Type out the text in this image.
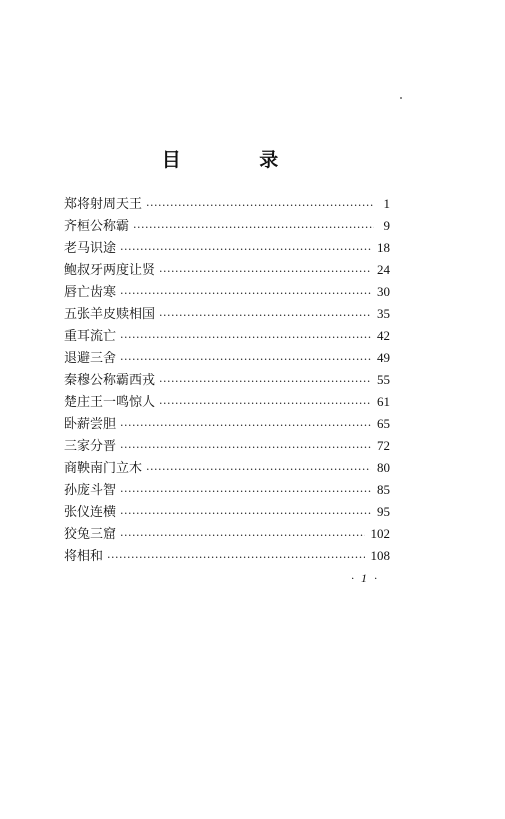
目 录
郑将射周天王 .....	1
齐桓公称霸 .....	9
老马识途 .....	18
鲍叔牙两度让贤 .....	24
唇亡齿寒 .....	30
五张羊皮赎相国 .....	35
重耳流亡 .....	42
退避三舍 .....	49
秦穆公称霸西戎 .....	55
楚庄王一鸣惊人 .....	61
卧薪尝胆 .....	65
三家分晋 .....	72
商鞅南门立木 .....	80
孙庞斗智 .....	85
张仪连横 .....	95
狡兔三窟 .....	102
将相和 .....	108
· 1 ·
